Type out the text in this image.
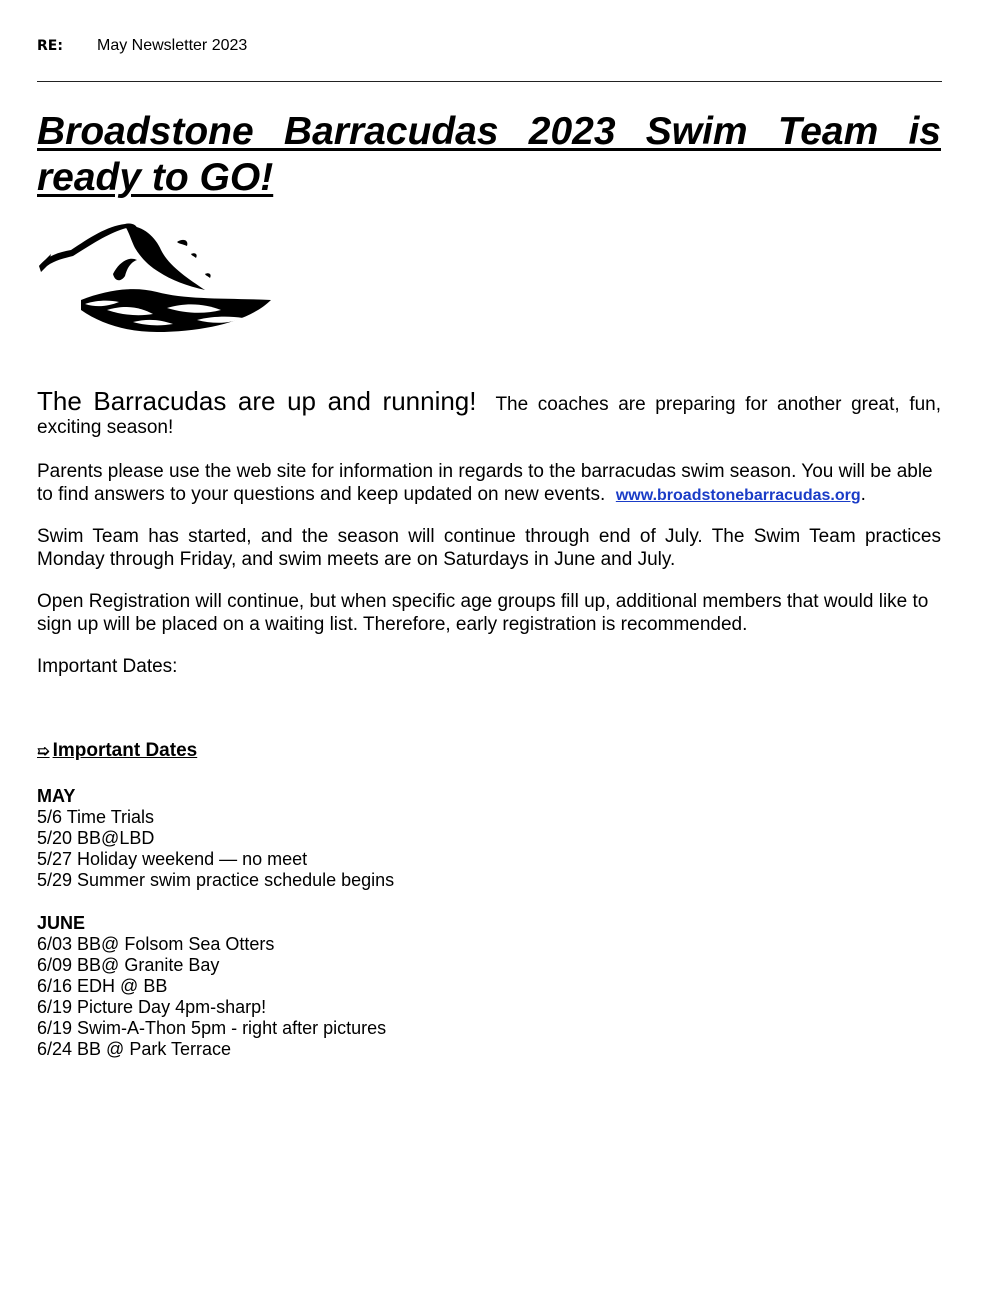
RE: May Newsletter 2023
Broadstone Barracudas 2023 Swim Team is ready to GO!

The Barracudas are up and running! The coaches are preparing for another great, fun, exciting season!

Parents please use the web site for information in regards to the barracudas swim season. You will be able to find answers to your questions and keep updated on new events. www.broadstonebarracudas.org.

Swim Team has started, and the season will continue through end of July. The Swim Team practices Monday through Friday, and swim meets are on Saturdays in June and July.

Open Registration will continue, but when specific age groups fill up, additional members that would like to sign up will be placed on a waiting list. Therefore, early registration is recommended.

Important Dates:

➯ Important Dates
MAY
5/6 Time Trials
5/20 BB@LBD
5/27 Holiday weekend — no meet
5/29 Summer swim practice schedule begins
JUNE
6/03 BB@ Folsom Sea Otters
6/09 BB@ Granite Bay
6/16 EDH @ BB
6/19 Picture Day 4pm-sharp!
6/19 Swim-A-Thon 5pm - right after pictures
6/24 BB @ Park Terrace
